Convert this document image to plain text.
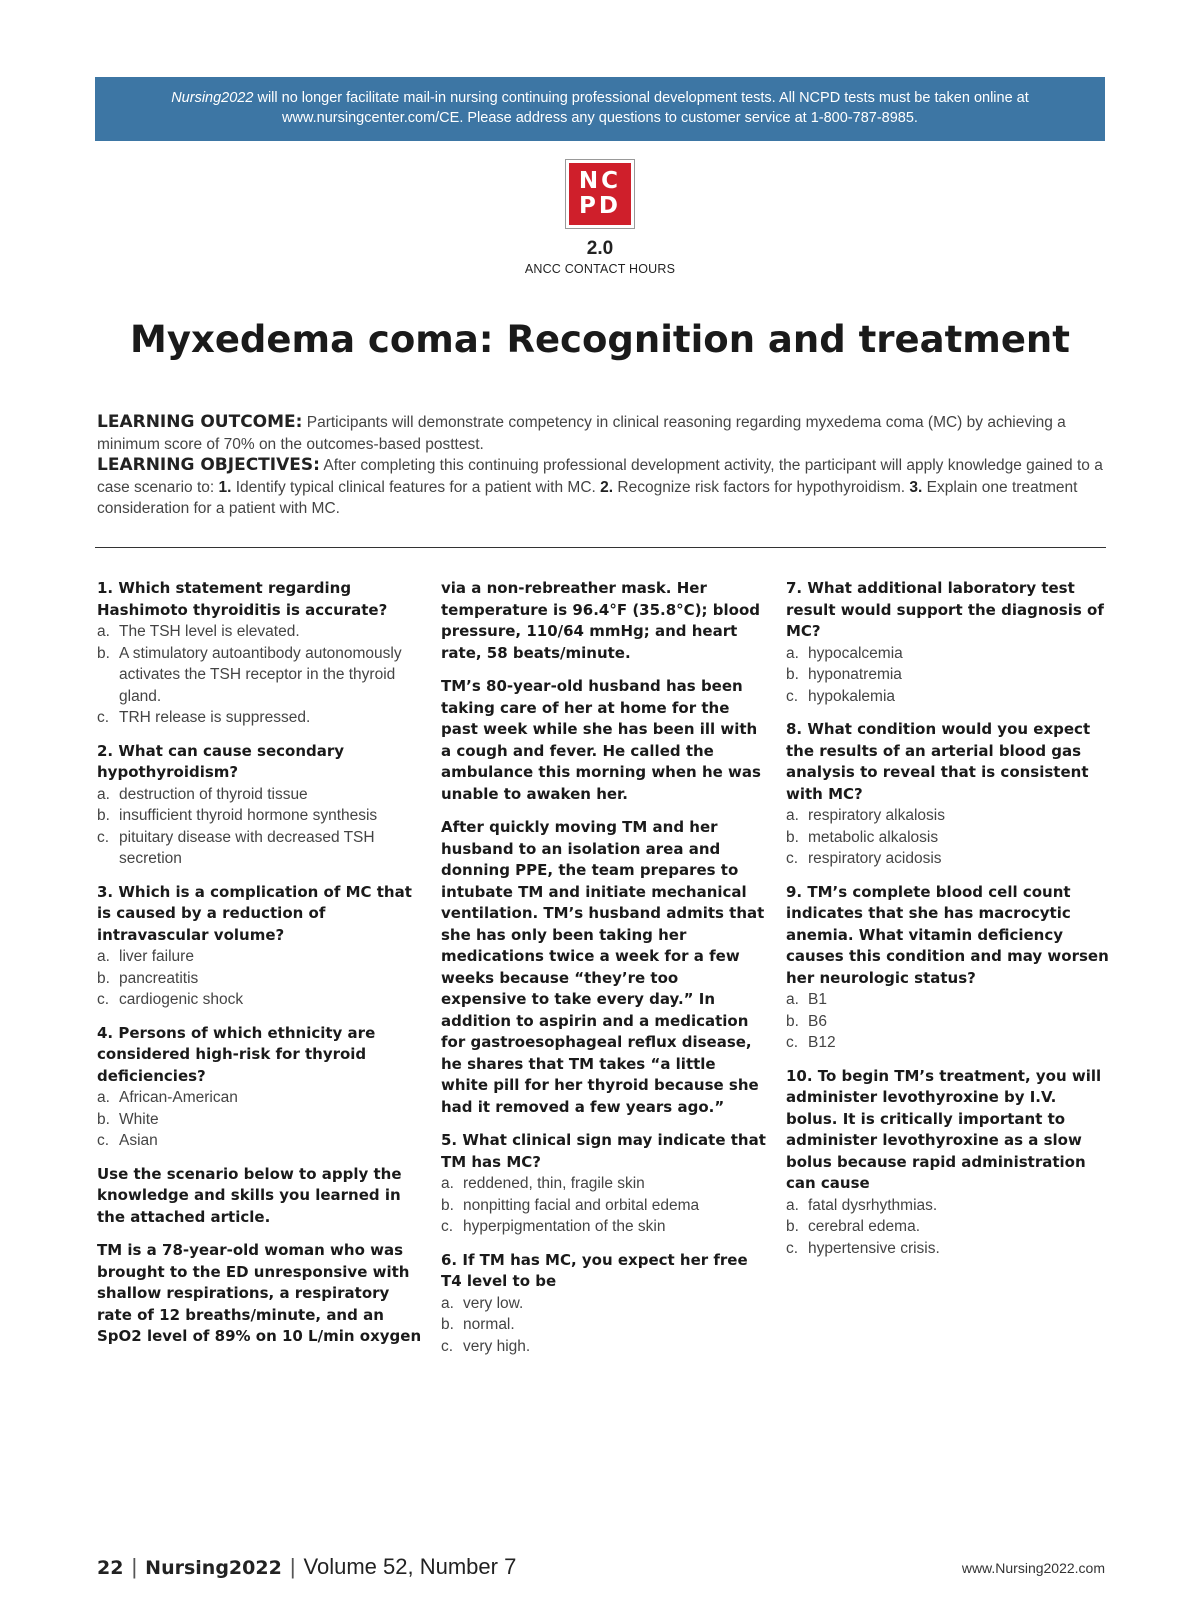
Nursing2022 will no longer facilitate mail-in nursing continuing professional development tests. All NCPD tests must be taken online at www.nursingcenter.com/CE. Please address any questions to customer service at 1-800-787-8985.
NC
PD
2.0
ANCC CONTACT HOURS
Myxedema coma: Recognition and treatment

LEARNING OUTCOME: Participants will demonstrate competency in clinical reasoning regarding myxedema coma (MC) by achieving a minimum score of 70% on the outcomes-based posttest.

LEARNING OBJECTIVES: After completing this continuing professional development activity, the participant will apply knowledge gained to a case scenario to: 1. Identify typical clinical features for a patient with MC. 2. Recognize risk factors for hypothyroidism. 3. Explain one treatment consideration for a patient with MC.

1. Which statement regarding Hashimoto thyroiditis is accurate?

a. The TSH level is elevated.
b. A stimulatory autoantibody autonomously activates the TSH receptor in the thyroid gland.
c. TRH release is suppressed.

2. What can cause secondary hypothyroidism?

a. destruction of thyroid tissue
b. insufficient thyroid hormone synthesis
c. pituitary disease with decreased TSH secretion

3. Which is a complication of MC that is caused by a reduction of intravascular volume?

a. liver failure
b. pancreatitis
c. cardiogenic shock

4. Persons of which ethnicity are considered high-risk for thyroid deficiencies?

a. African-American
b. White
c. Asian

Use the scenario below to apply the knowledge and skills you learned in the attached article.

TM is a 78-year-old woman who was brought to the ED unresponsive with shallow respirations, a respiratory rate of 12 breaths/minute, and an SpO2 level of 89% on 10 L/min oxygen

via a non-rebreather mask. Her temperature is 96.4°F (35.8°C); blood pressure, 110/64 mmHg; and heart rate, 58 beats/minute.

TM’s 80-year-old husband has been taking care of her at home for the past week while she has been ill with a cough and fever. He called the ambulance this morning when he was unable to awaken her.

After quickly moving TM and her husband to an isolation area and donning PPE, the team prepares to intubate TM and initiate mechanical ventilation. TM’s husband admits that she has only been taking her medications twice a week for a few weeks because “they’re too expensive to take every day.” In addition to aspirin and a medication for gastroesophageal reflux disease, he shares that TM takes “a little white pill for her thyroid because she had it removed a few years ago.”

5. What clinical sign may indicate that TM has MC?

a. reddened, thin, fragile skin
b. nonpitting facial and orbital edema
c. hyperpigmentation of the skin

6. If TM has MC, you expect her free T4 level to be

a. very low.
b. normal.
c. very high.

7. What additional laboratory test result would support the diagnosis of MC?

a. hypocalcemia
b. hyponatremia
c. hypokalemia

8. What condition would you expect the results of an arterial blood gas analysis to reveal that is consistent with MC?

a. respiratory alkalosis
b. metabolic alkalosis
c. respiratory acidosis

9. TM’s complete blood cell count indicates that she has macrocytic anemia. What vitamin deficiency causes this condition and may worsen her neurologic status?

a. B1
b. B6
c. B12

10. To begin TM’s treatment, you will administer levothyroxine by I.V. bolus. It is critically important to administer levothyroxine as a slow bolus because rapid administration can cause

a. fatal dysrhythmias.
b. cerebral edema.
c. hypertensive crisis.
22 | Nursing2022 | Volume 52, Number 7	www.Nursing2022.com
